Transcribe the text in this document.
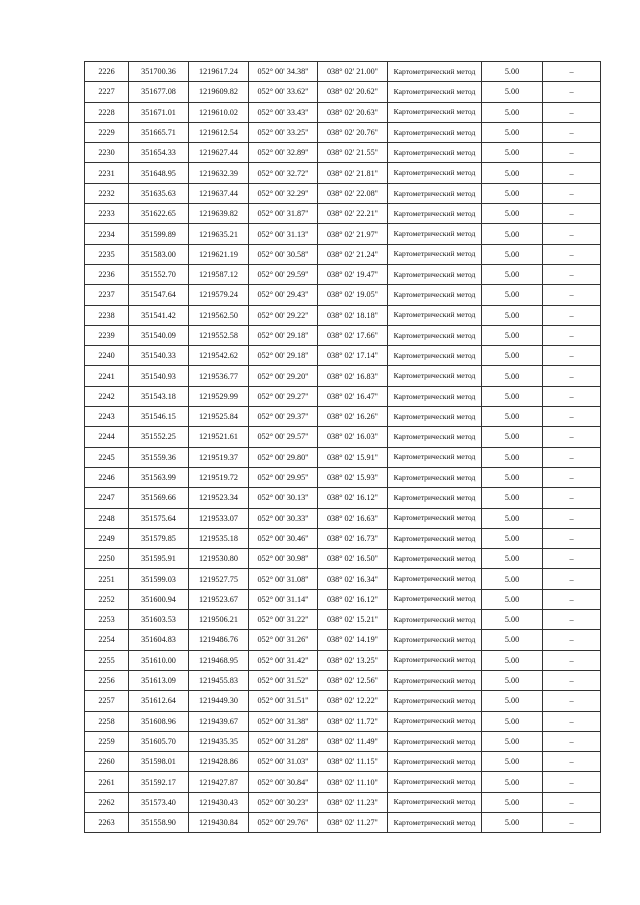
2226	351700.36	1219617.24	052° 00' 34.38"	038° 02' 21.00"	Картометрический метод	5.00	–
2227	351677.08	1219609.82	052° 00' 33.62"	038° 02' 20.62"	Картометрический метод	5.00	–
2228	351671.01	1219610.02	052° 00' 33.43"	038° 02' 20.63"	Картометрический метод	5.00	–
2229	351665.71	1219612.54	052° 00' 33.25"	038° 02' 20.76"	Картометрический метод	5.00	–
2230	351654.33	1219627.44	052° 00' 32.89"	038° 02' 21.55"	Картометрический метод	5.00	–
2231	351648.95	1219632.39	052° 00' 32.72"	038° 02' 21.81"	Картометрический метод	5.00	–
2232	351635.63	1219637.44	052° 00' 32.29"	038° 02' 22.08"	Картометрический метод	5.00	–
2233	351622.65	1219639.82	052° 00' 31.87"	038° 02' 22.21"	Картометрический метод	5.00	–
2234	351599.89	1219635.21	052° 00' 31.13"	038° 02' 21.97"	Картометрический метод	5.00	–
2235	351583.00	1219621.19	052° 00' 30.58"	038° 02' 21.24"	Картометрический метод	5.00	–
2236	351552.70	1219587.12	052° 00' 29.59"	038° 02' 19.47"	Картометрический метод	5.00	–
2237	351547.64	1219579.24	052° 00' 29.43"	038° 02' 19.05"	Картометрический метод	5.00	–
2238	351541.42	1219562.50	052° 00' 29.22"	038° 02' 18.18"	Картометрический метод	5.00	–
2239	351540.09	1219552.58	052° 00' 29.18"	038° 02' 17.66"	Картометрический метод	5.00	–
2240	351540.33	1219542.62	052° 00' 29.18"	038° 02' 17.14"	Картометрический метод	5.00	–
2241	351540.93	1219536.77	052° 00' 29.20"	038° 02' 16.83"	Картометрический метод	5.00	–
2242	351543.18	1219529.99	052° 00' 29.27"	038° 02' 16.47"	Картометрический метод	5.00	–
2243	351546.15	1219525.84	052° 00' 29.37"	038° 02' 16.26"	Картометрический метод	5.00	–
2244	351552.25	1219521.61	052° 00' 29.57"	038° 02' 16.03"	Картометрический метод	5.00	–
2245	351559.36	1219519.37	052° 00' 29.80"	038° 02' 15.91"	Картометрический метод	5.00	–
2246	351563.99	1219519.72	052° 00' 29.95"	038° 02' 15.93"	Картометрический метод	5.00	–
2247	351569.66	1219523.34	052° 00' 30.13"	038° 02' 16.12"	Картометрический метод	5.00	–
2248	351575.64	1219533.07	052° 00' 30.33"	038° 02' 16.63"	Картометрический метод	5.00	–
2249	351579.85	1219535.18	052° 00' 30.46"	038° 02' 16.73"	Картометрический метод	5.00	–
2250	351595.91	1219530.80	052° 00' 30.98"	038° 02' 16.50"	Картометрический метод	5.00	–
2251	351599.03	1219527.75	052° 00' 31.08"	038° 02' 16.34"	Картометрический метод	5.00	–
2252	351600.94	1219523.67	052° 00' 31.14"	038° 02' 16.12"	Картометрический метод	5.00	–
2253	351603.53	1219506.21	052° 00' 31.22"	038° 02' 15.21"	Картометрический метод	5.00	–
2254	351604.83	1219486.76	052° 00' 31.26"	038° 02' 14.19"	Картометрический метод	5.00	–
2255	351610.00	1219468.95	052° 00' 31.42"	038° 02' 13.25"	Картометрический метод	5.00	–
2256	351613.09	1219455.83	052° 00' 31.52"	038° 02' 12.56"	Картометрический метод	5.00	–
2257	351612.64	1219449.30	052° 00' 31.51"	038° 02' 12.22"	Картометрический метод	5.00	–
2258	351608.96	1219439.67	052° 00' 31.38"	038° 02' 11.72"	Картометрический метод	5.00	–
2259	351605.70	1219435.35	052° 00' 31.28"	038° 02' 11.49"	Картометрический метод	5.00	–
2260	351598.01	1219428.86	052° 00' 31.03"	038° 02' 11.15"	Картометрический метод	5.00	–
2261	351592.17	1219427.87	052° 00' 30.84"	038° 02' 11.10"	Картометрический метод	5.00	–
2262	351573.40	1219430.43	052° 00' 30.23"	038° 02' 11.23"	Картометрический метод	5.00	–
2263	351558.90	1219430.84	052° 00' 29.76"	038° 02' 11.27"	Картометрический метод	5.00	–
